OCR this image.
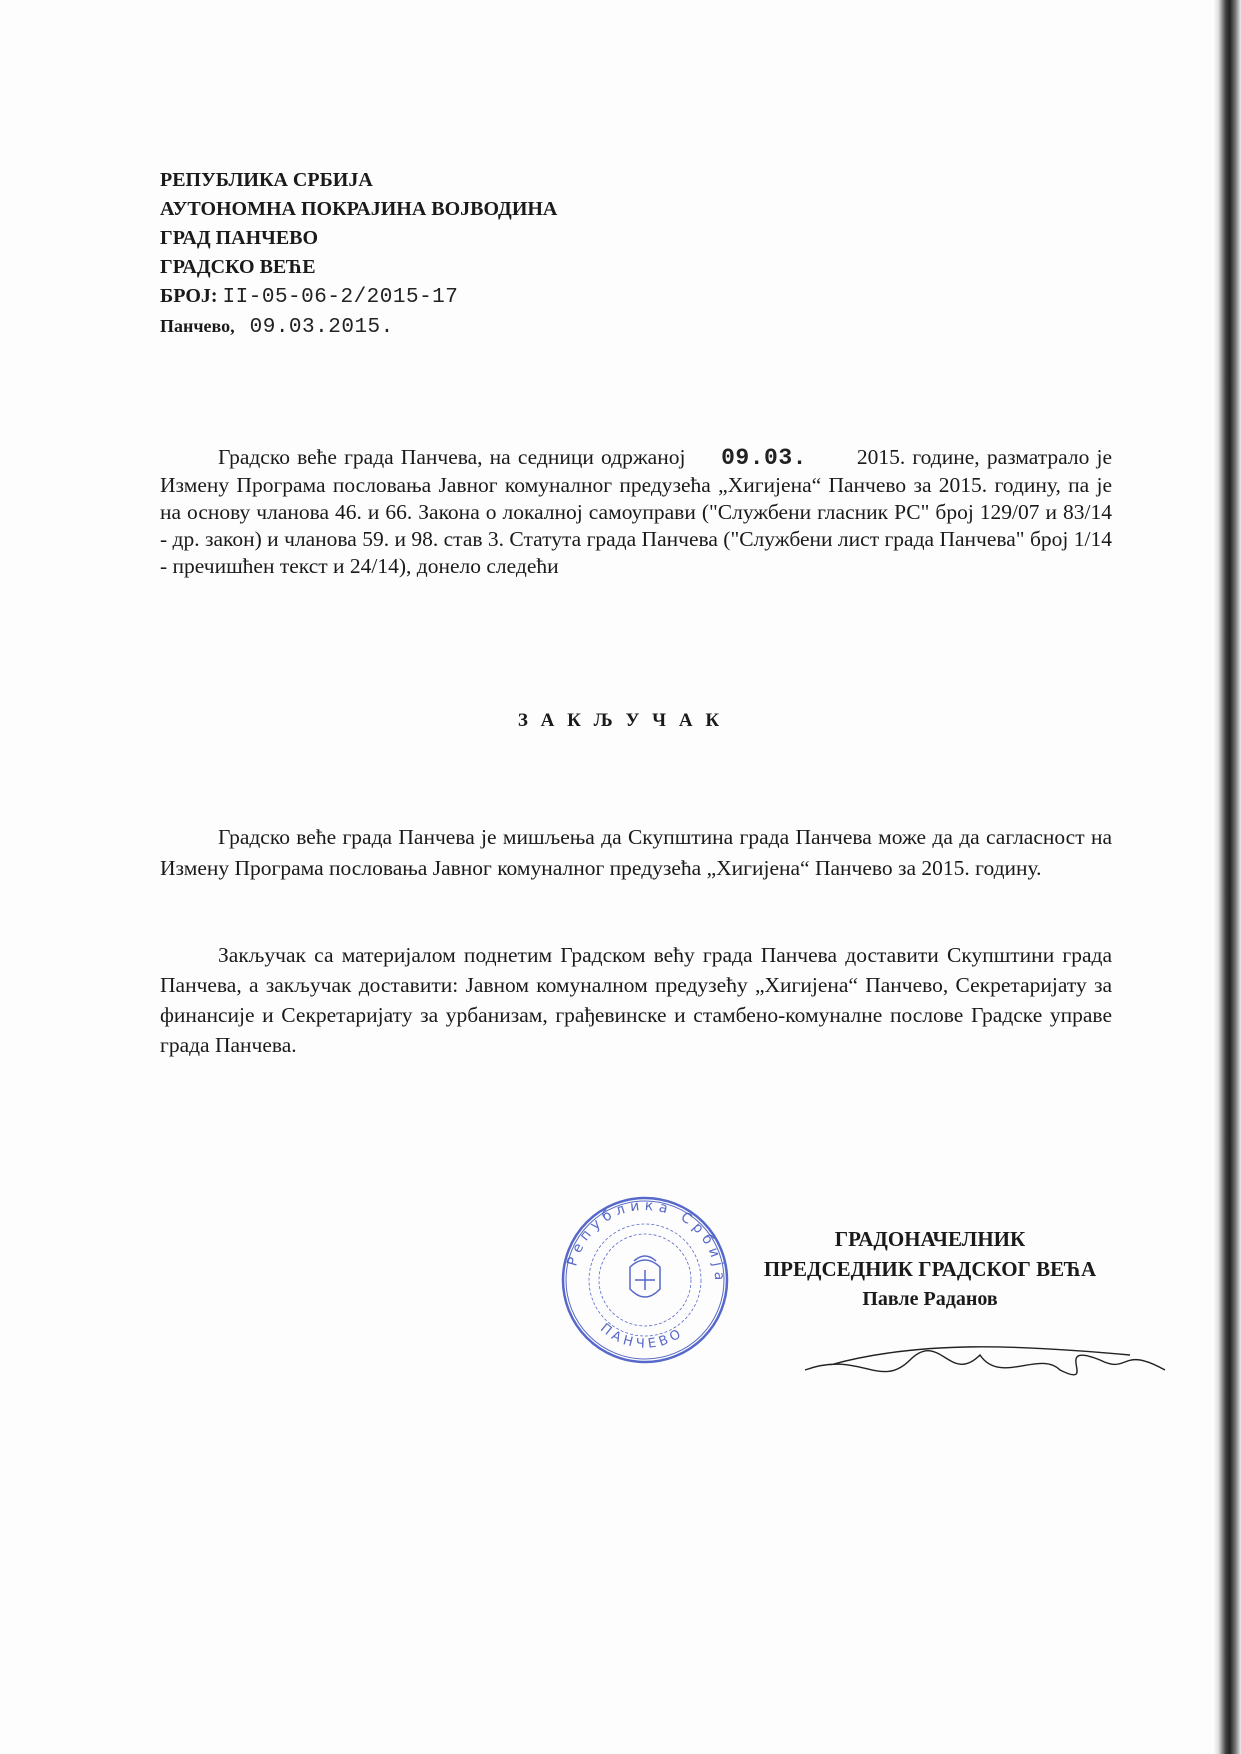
РЕПУБЛИКА СРБИЈА
АУТОНОМНА ПОКРАЈИНА ВОЈВОДИНА
ГРАД ПАНЧЕВО
ГРАДСКО ВЕЋЕ
БРОЈ: II-05-06-2/2015-17
Панчево, 09.03.2015.
Градско веће града Панчева, на седници одржаној 09.03. 2015. године, разматрало је Измену Програма пословања Јавног комуналног предузећа „Хигијена“ Панчево за 2015. годину, па је на основу чланова 46. и 66. Закона о локалној самоуправи ("Службени гласник РС" број 129/07 и 83/14 - др. закон) и чланова 59. и 98. став 3. Статута града Панчева ("Службени лист града Панчева" број 1/14 - пречишћен текст и 24/14), донело следећи
З А К Љ У Ч А К
Градско веће града Панчева је мишљења да Скупштина града Панчева може да да сагласност на Измену Програма пословања Јавног комуналног предузећа „Хигијена“ Панчево за 2015. годину.
Закључак са материјалом поднетим Градском већу града Панчева доставити Скупштини града Панчева, а закључак доставити: Јавном комуналном предузећу „Хигијена“ Панчево, Секретаријату за финансије и Секретаријату за урбанизам, грађевинске и стамбено-комуналне послове Градске управе града Панчева.
Република Србија
ПАНЧЕВО
ГРАДОНАЧЕЛНИК
ПРЕДСЕДНИК ГРАДСКОГ ВЕЋА
Павле Раданов
